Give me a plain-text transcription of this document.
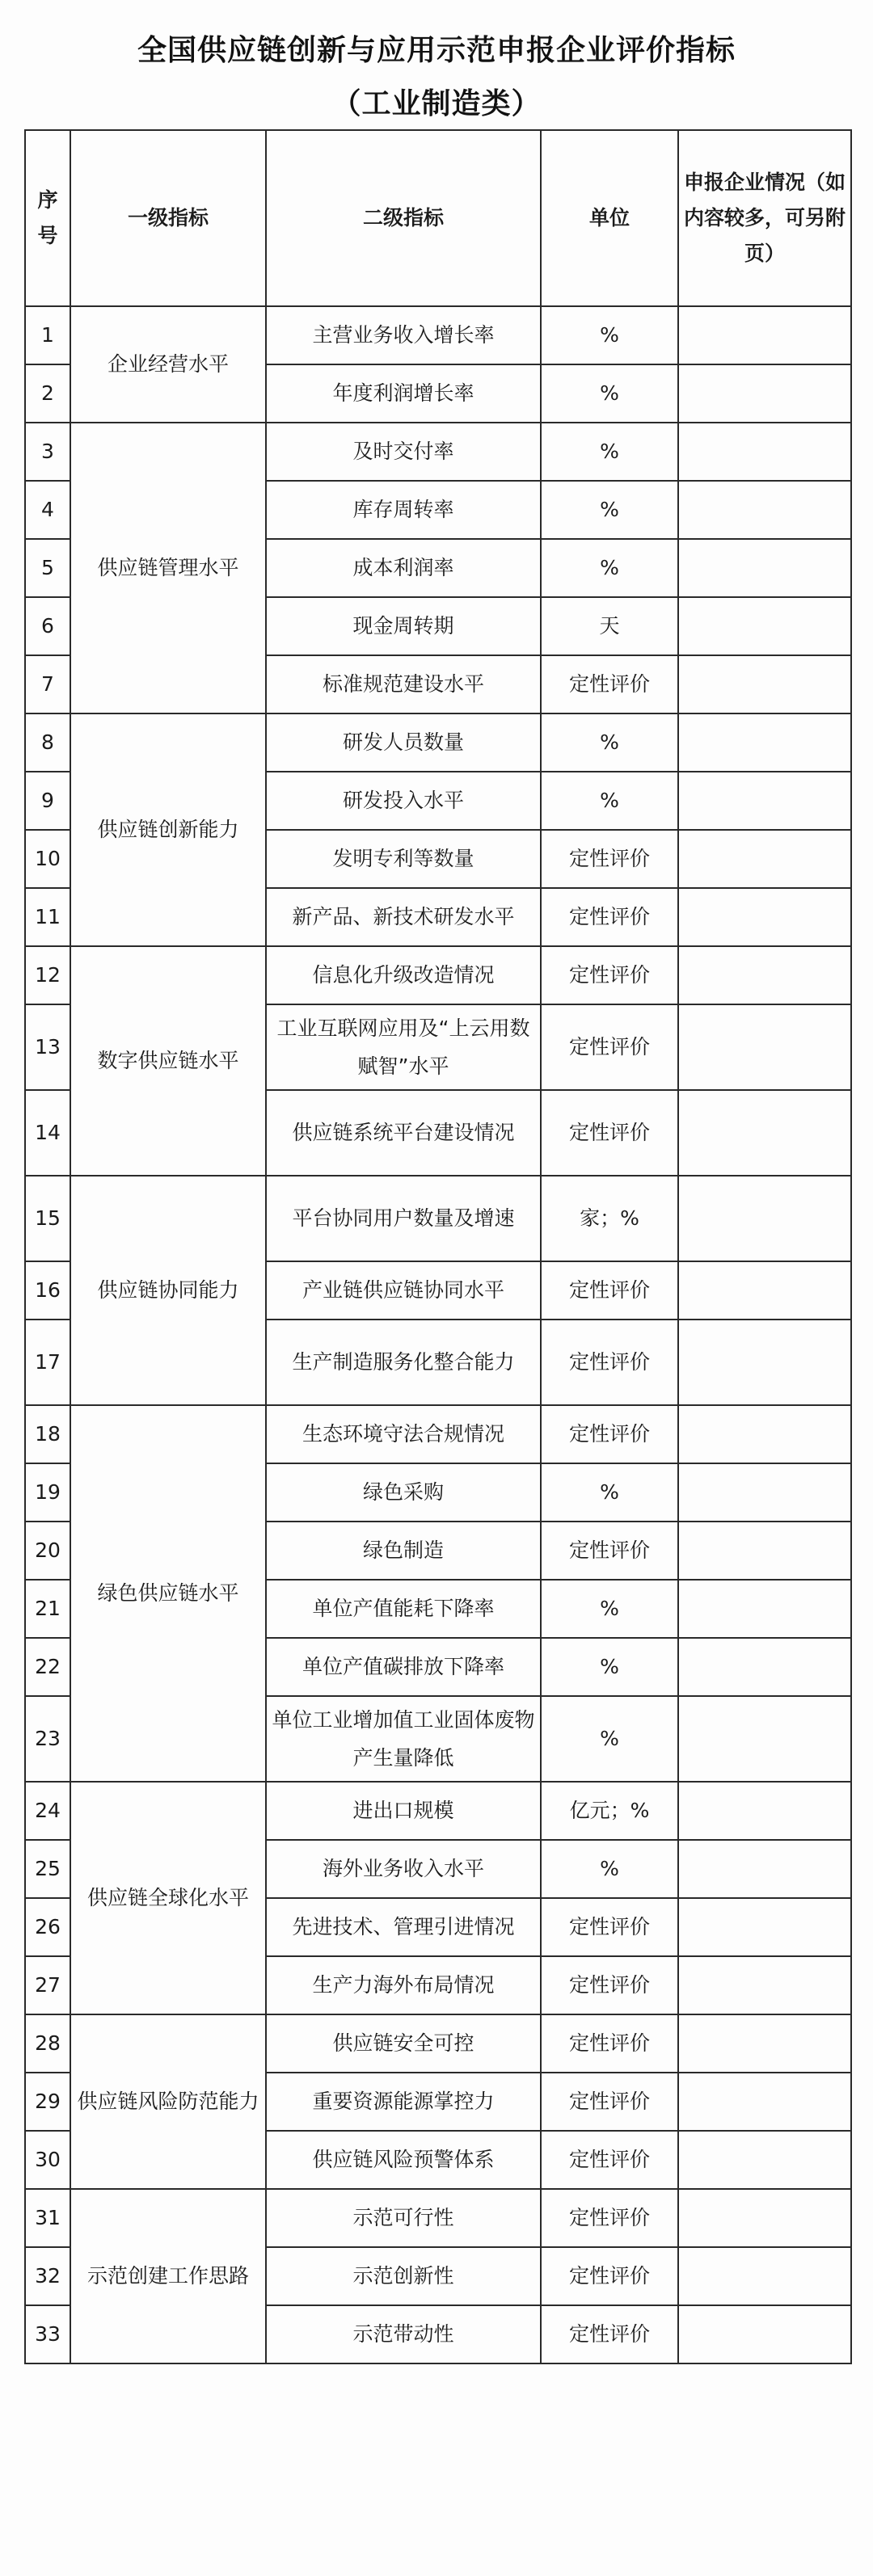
全国供应链创新与应用示范申报企业评价指标
（工业制造类）
序号	一级指标	二级指标	单位	申报企业情况（如内容较多，可另附页）
1	企业经营水平	主营业务收入增长率	%	
2		年度利润增长率	%	
3	供应链管理水平	及时交付率	%	
4		库存周转率	%	
5		成本利润率	%	
6		现金周转期	天	
7		标准规范建设水平	定性评价	
8	供应链创新能力	研发人员数量	%	
9		研发投入水平	%	
10		发明专利等数量	定性评价	
11		新产品、新技术研发水平	定性评价	
12	数字供应链水平	信息化升级改造情况	定性评价	
13		工业互联网应用及“上云用数赋智”水平	定性评价	
14		供应链系统平台建设情况	定性评价	
15	供应链协同能力	平台协同用户数量及增速	家；%	
16		产业链供应链协同水平	定性评价	
17		生产制造服务化整合能力	定性评价	
18	绿色供应链水平	生态环境守法合规情况	定性评价	
19		绿色采购	%	
20		绿色制造	定性评价	
21		单位产值能耗下降率	%	
22		单位产值碳排放下降率	%	
23		单位工业增加值工业固体废物产生量降低	%	
24	供应链全球化水平	进出口规模	亿元；%	
25		海外业务收入水平	%	
26		先进技术、管理引进情况	定性评价	
27		生产力海外布局情况	定性评价	
28	供应链风险防范能力	供应链安全可控	定性评价	
29		重要资源能源掌控力	定性评价	
30		供应链风险预警体系	定性评价	
31	示范创建工作思路	示范可行性	定性评价	
32		示范创新性	定性评价	
33		示范带动性	定性评价	
